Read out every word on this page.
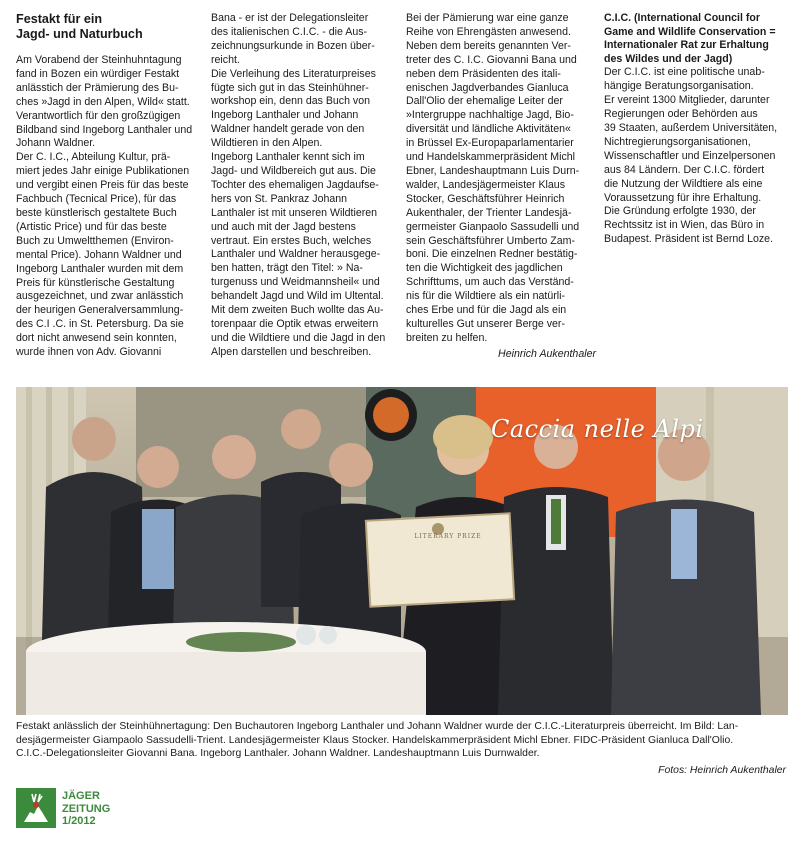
Festakt für ein
Jagd- und Naturbuch
Am Vorabend der Steinhuhntagung
fand in Bozen ein würdiger Festakt
anlässtich der Prämierung des Bu-
ches »Jagd in den Alpen, Wild« statt.
Verantwortlich für den großzügigen
Bildband sind Ingeborg Lanthaler und
Johann Waldner.
Der C. I.C., Abteilung Kultur, prä-
miert jedes Jahr einige Publikationen
und vergibt einen Preis für das beste
Fachbuch (Tecnical Price), für das
beste künstlerisch gestaltete Buch
(Artistic Price) und für das beste
Buch zu Umweltthemen (Environ-
mental Price). Johann Waldner und
Ingeborg Lanthaler wurden mit dem
Preis für künstlerische Gestaltung
ausgezeichnet, und zwar anlässtich
der heurigen Generalversammlung-
des C.I .C. in St. Petersburg. Da sie
dort nicht anwesend sein konnten,
wurde ihnen von Adv. Giovanni
Bana - er ist der Delegationsleiter
des italienischen C.I.C. - die Aus-
zeichnungsurkunde in Bozen über-
reicht.
Die Verleihung des Literaturpreises
fügte sich gut in das Steinhühner-
workshop ein, denn das Buch von
Ingeborg Lanthaler und Johann
Waldner handelt gerade von den
Wildtieren in den Alpen.
Ingeborg Lanthaler kennt sich im
Jagd- und Wildbereich gut aus. Die
Tochter des ehemaligen Jagdaufse-
hers von St. Pankraz Johann
Lanthaler ist mit unseren Wildtieren
und auch mit der Jagd bestens
vertraut. Ein erstes Buch, welches
Lanthaler und Waldner herausgege-
ben hatten, trägt den Titel: » Na-
turgenuss und Weidmannsheil« und
behandelt Jagd und Wild im Ultental.
Mit dem zweiten Buch wollte das Au-
torenpaar die Optik etwas erweitern
und die Wildtiere und die Jagd in den
Alpen darstellen und beschreiben.
Bei der Pämierung war eine ganze
Reihe von Ehrengästen anwesend.
Neben dem bereits genannten Ver-
treter des C. I.C. Giovanni Bana und
neben dem Präsidenten des itali-
enischen Jagdverbandes Gianluca
Dall'Olio der ehemalige Leiter der
»Intergruppe nachhaltige Jagd, Bio-
diversität und ländliche Aktivitäten«
in Brüssel Ex-Europaparlamentarier
und Handelskammerpräsident Michl
Ebner, Landeshauptmann Luis Durn-
walder, Landesjägermeister Klaus
Stocker, Geschäftsführer Heinrich
Aukenthaler, der Trienter Landesjä-
germeister Gianpaolo Sassudelli und
sein Geschäftsführer Umberto Zam-
boni. Die einzelnen Redner bestätig-
ten die Wichtigkeit des jagdlichen
Schrifttums, um auch das Verständ-
nis für die Wildtiere als ein natürli-
ches Erbe und für die Jagd als ein
kulturelles Gut unserer Berge ver-
breiten zu helfen.
Heinrich Aukenthaler
C.I.C. (International Council for
Game and Wildlife Conservation =
Internationaler Rat zur Erhaltung
des Wildes und der Jagd)
Der C.I.C. ist eine politische unab-
hängige Beratungsorganisation.
Er vereint 1300 Mitglieder, darunter
Regierungen oder Behörden aus
39 Staaten, außerdem Universitäten,
Nichtregierungsorganisationen,
Wissenschaftler und Einzelpersonen
aus 84 Ländern. Der C.I.C. fördert
die Nutzung der Wildtiere als eine
Voraussetzung für ihre Erhaltung.
Die Gründung erfolgte 1930, der
Rechtssitz ist in Wien, das Büro in
Budapest. Präsident ist Bernd Loze.
Caccia nelle Alpi
LITERARY PRIZE
Festakt anlässlich der Steinhühnertagung: Den Buchautoren Ingeborg Lanthaler und Johann Waldner wurde der C.I.C.-Literaturpreis überreicht. Im Bild: Lan-
desjägermeister Giampaolo Sassudelli-Trient. Landesjägermeister Klaus Stocker. Handelskammerpräsident Michl Ebner. FIDC-Präsident Gianluca Dall'Olio.
C.I.C.-Delegationsleiter Giovanni Bana. Ingeborg Lanthaler. Johann Waldner. Landeshauptmann Luis Durnwalder.
Fotos: Heinrich Aukenthaler
JÄGER
ZEITUNG
1/2012
